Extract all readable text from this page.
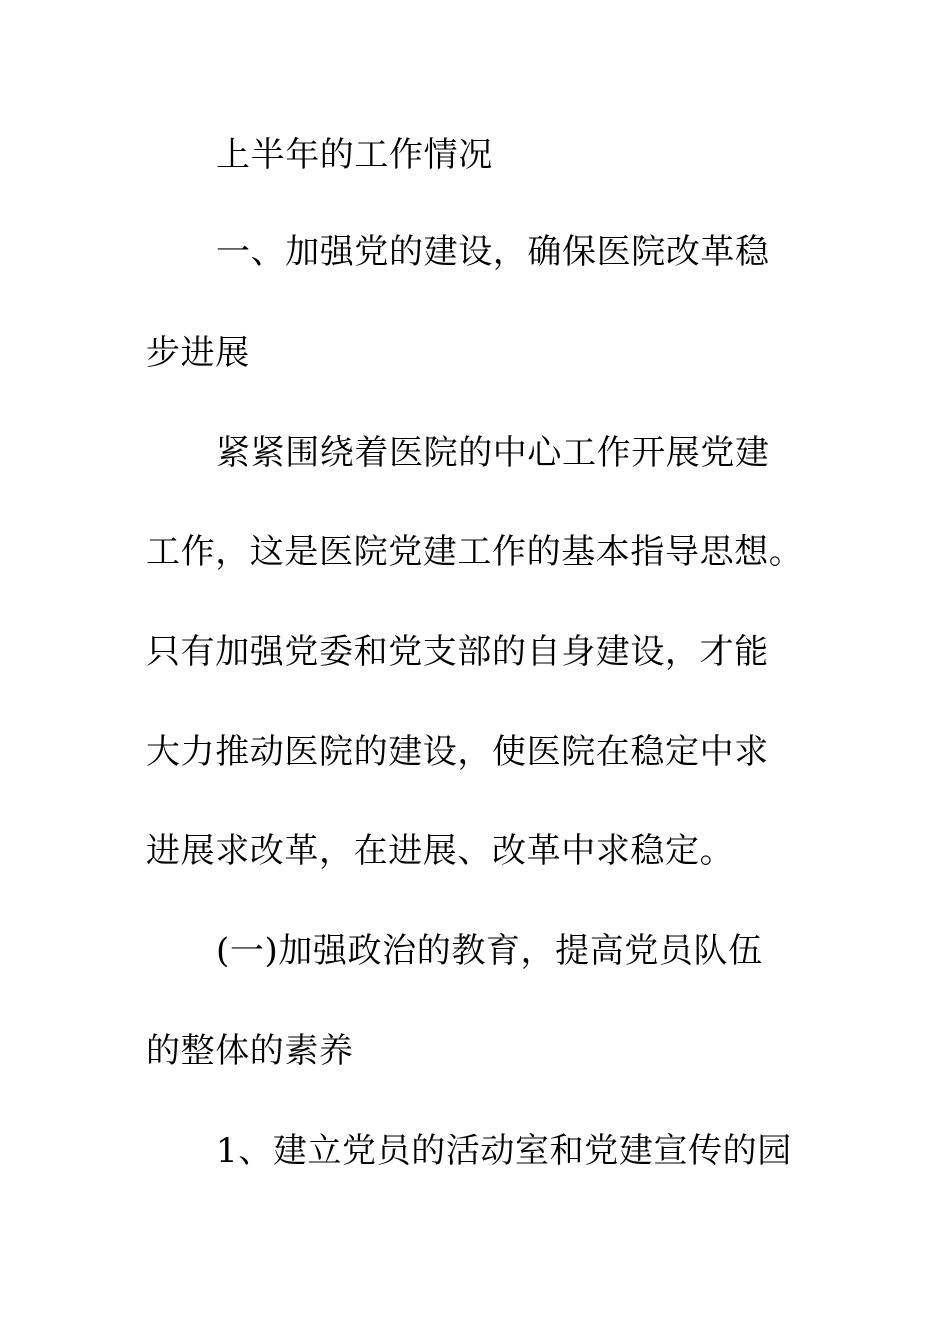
上半年的工作情况
一、加强党的建设，确保医院改革稳
步进展
紧紧围绕着医院的中心工作开展党建
工作，这是医院党建工作的基本指导思想。
只有加强党委和党支部的自身建设，才能
大力推动医院的建设，使医院在稳定中求
进展求改革，在进展、改革中求稳定。
(一)加强政治的教育，提高党员队伍
的整体的素养
1、建立党员的活动室和党建宣传的园
